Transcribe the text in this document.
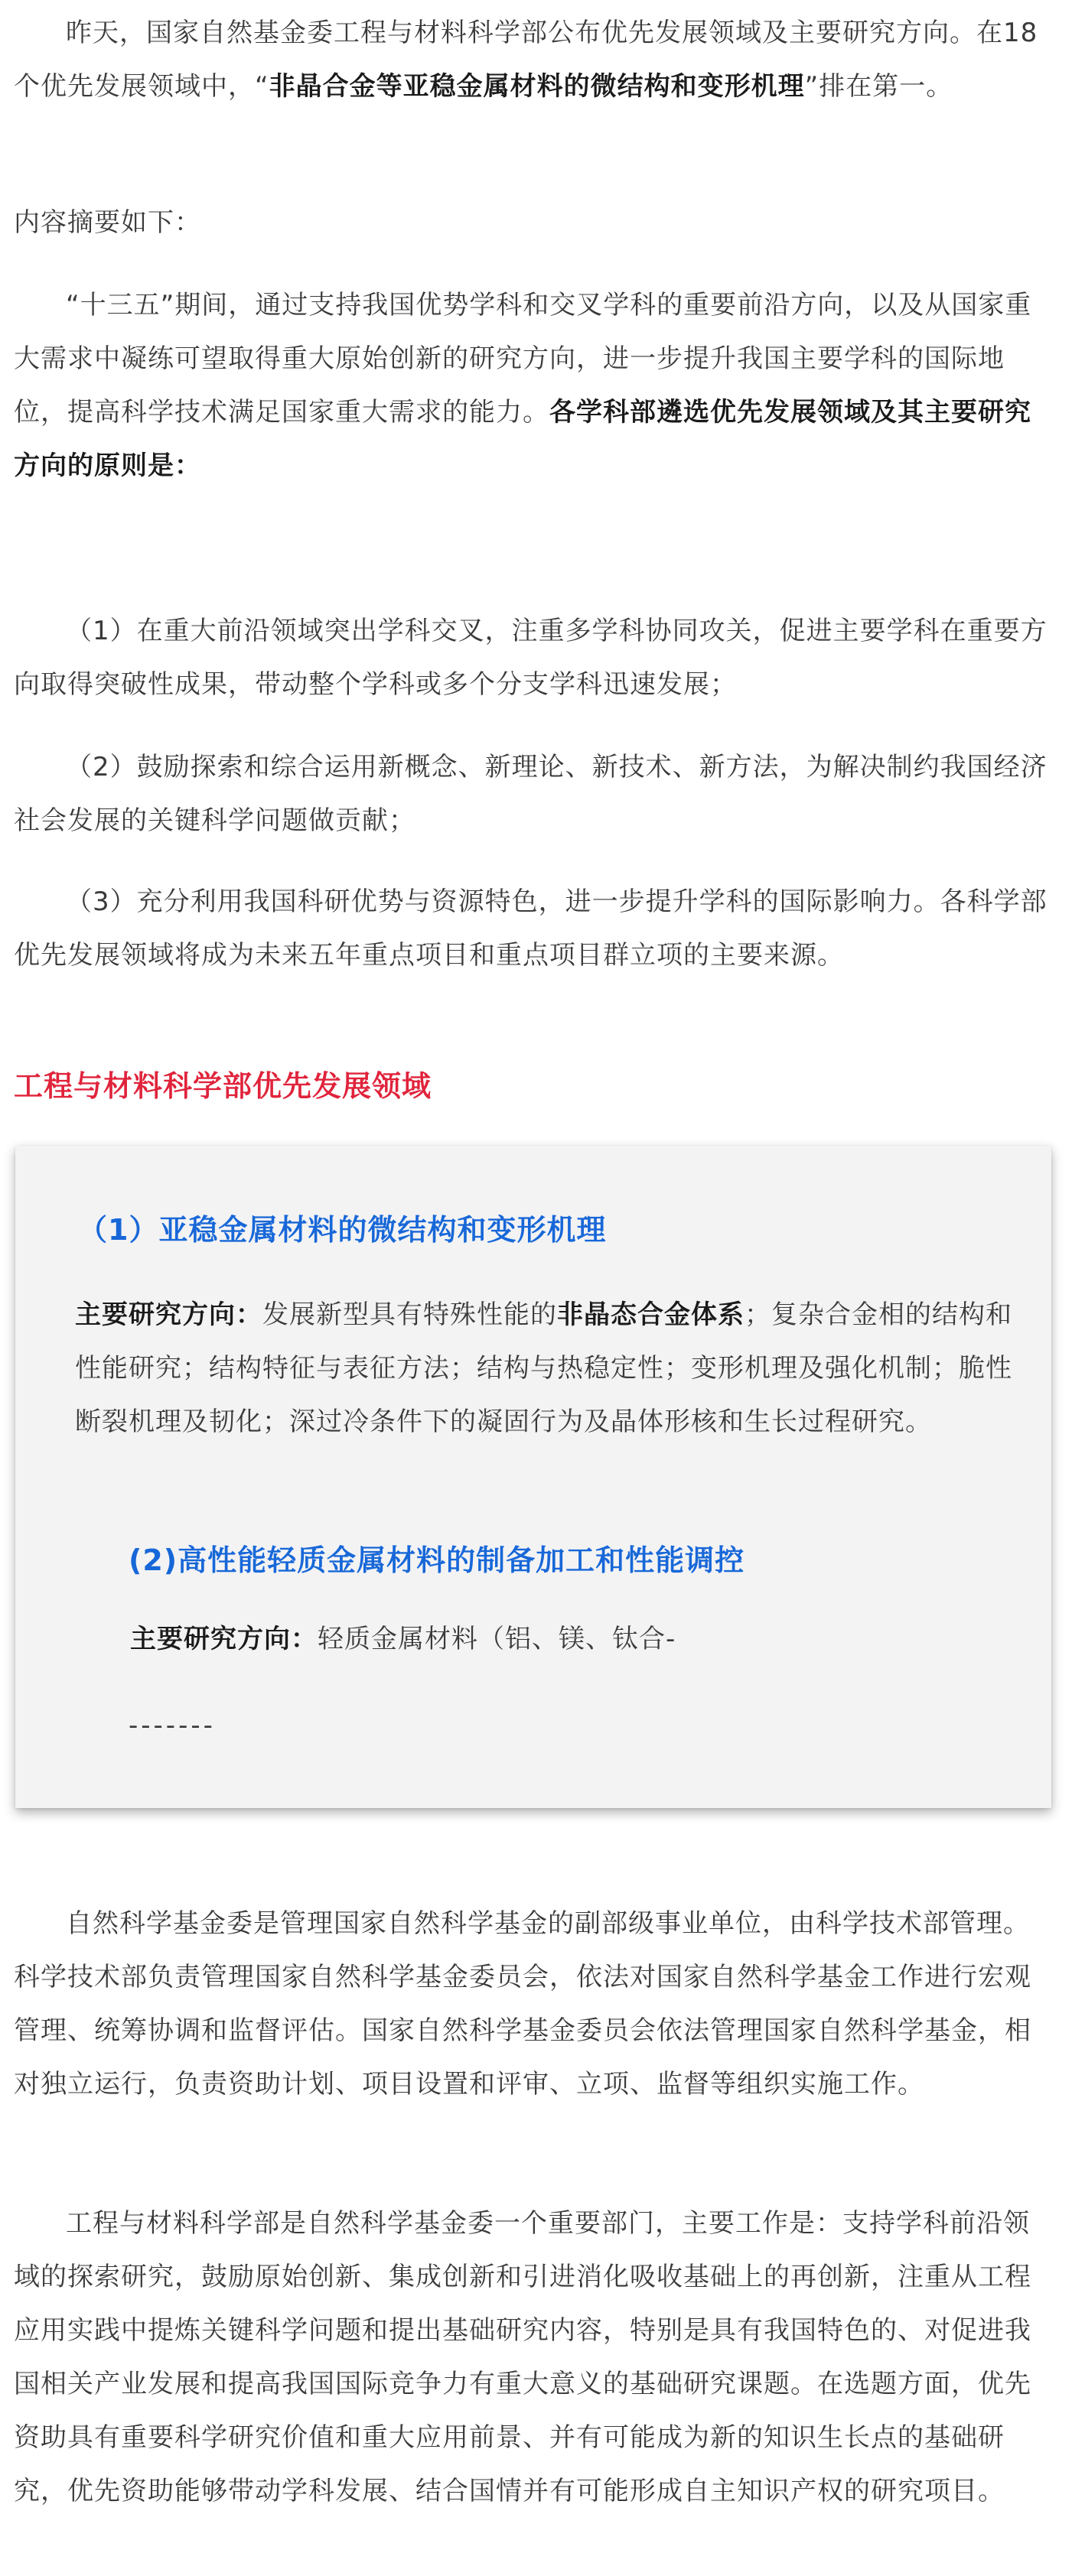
昨天，国家自然基金委工程与材料科学部公布优先发展领域及主要研究方向。在18个优先发展领域中，“非晶合金等亚稳金属材料的微结构和变形机理”排在第一。

内容摘要如下：

“十三五”期间，通过支持我国优势学科和交叉学科的重要前沿方向，以及从国家重大需求中凝练可望取得重大原始创新的研究方向，进一步提升我国主要学科的国际地位，提高科学技术满足国家重大需求的能力。各学科部遴选优先发展领域及其主要研究方向的原则是：

（1）在重大前沿领域突出学科交叉，注重多学科协同攻关，促进主要学科在重要方向取得突破性成果，带动整个学科或多个分支学科迅速发展；

（2）鼓励探索和综合运用新概念、新理论、新技术、新方法，为解决制约我国经济社会发展的关键科学问题做贡献；

（3）充分利用我国科研优势与资源特色，进一步提升学科的国际影响力。各科学部优先发展领域将成为未来五年重点项目和重点项目群立项的主要来源。

工程与材料科学部优先发展领域
（1）亚稳金属材料的微结构和变形机理

主要研究方向：发展新型具有特殊性能的非晶态合金体系；复杂合金相的结构和性能研究；结构特征与表征方法；结构与热稳定性；变形机理及强化机制；脆性断裂机理及韧化；深过冷条件下的凝固行为及晶体形核和生长过程研究。

(2)高性能轻质金属材料的制备加工和性能调控

主要研究方向：轻质金属材料（铝、镁、钛合-

-------

自然科学基金委是管理国家自然科学基金的副部级事业单位，由科学技术部管理。科学技术部负责管理国家自然科学基金委员会，依法对国家自然科学基金工作进行宏观管理、统筹协调和监督评估。国家自然科学基金委员会依法管理国家自然科学基金，相对独立运行，负责资助计划、项目设置和评审、立项、监督等组织实施工作。

工程与材料科学部是自然科学基金委一个重要部门，主要工作是：支持学科前沿领域的探索研究，鼓励原始创新、集成创新和引进消化吸收基础上的再创新，注重从工程应用实践中提炼关键科学问题和提出基础研究内容，特别是具有我国特色的、对促进我国相关产业发展和提高我国国际竞争力有重大意义的基础研究课题。在选题方面，优先资助具有重要科学研究价值和重大应用前景、并有可能成为新的知识生长点的基础研究，优先资助能够带动学科发展、结合国情并有可能形成自主知识产权的研究项目。
